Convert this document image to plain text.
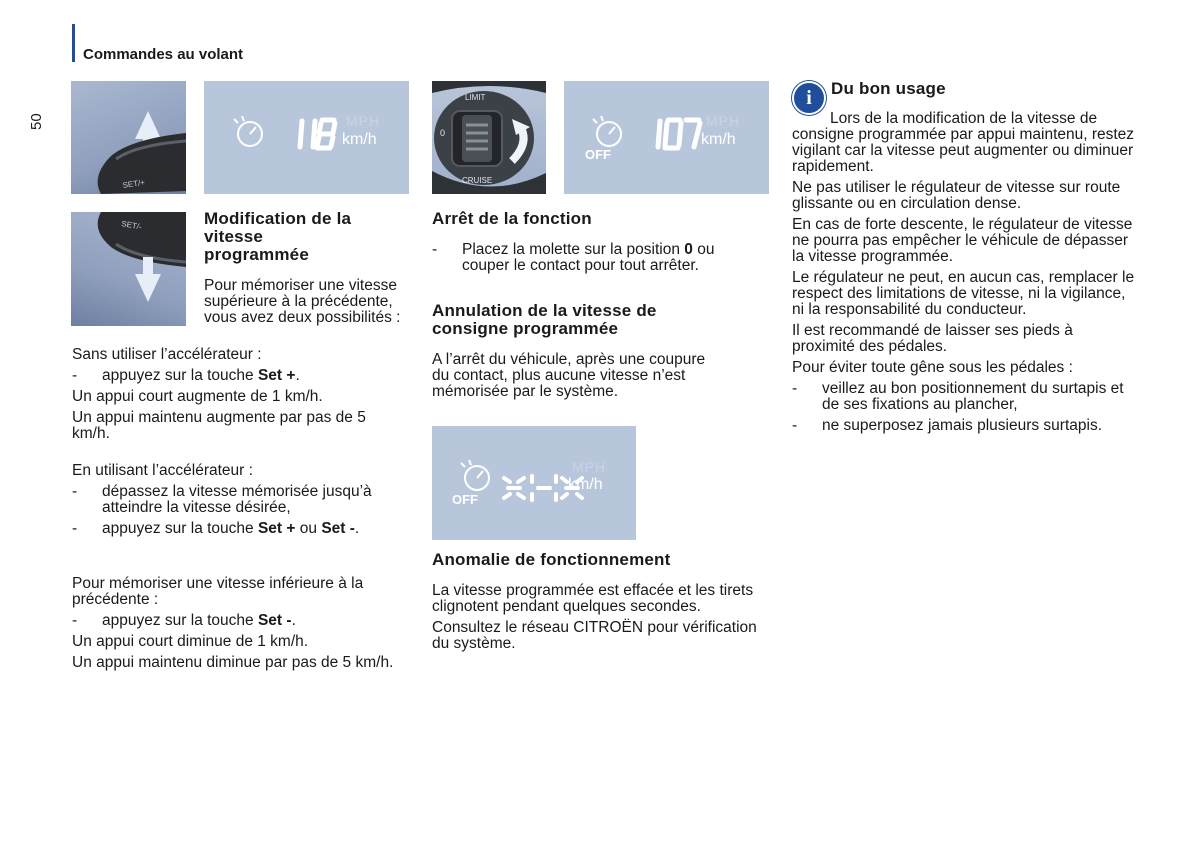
Commandes au volant
50
SET/+
SET/-
MPH
km/h
Modification de la vitesse programmée
Pour mémoriser une vitesse supérieure à la précédente, vous avez deux possibilités :

Sans utiliser l’accélérateur :

- appuyez sur la touche Set +.

Un appui court augmente de 1 km/h.

Un appui maintenu augmente par pas de 5 km/h.

En utilisant l’accélérateur :

- dépassez la vitesse mémorisée jusqu’à atteindre la vitesse désirée,

- appuyez sur la touche Set + ou Set -.

Pour mémoriser une vitesse inférieure à la précédente :

- appuyez sur la touche Set -.

Un appui court diminue de 1 km/h.

Un appui maintenu diminue par pas de 5 km/h.

LIMIT
0
CRUISE
OFF
MPH
km/h
Arrêt de la fonction
- Placez la molette sur la position 0 ou couper le contact pour tout arrêter.
Annulation de la vitesse de consigne programmée
A l’arrêt du véhicule, après une coupure du contact, plus aucune vitesse n’est mémorisée par le système.
OFF
MPH
km/h
Anomalie de fonctionnement

La vitesse programmée est effacée et les tirets clignotent pendant quelques secondes.

Consultez le réseau CITROËN pour vérification du système.

i	Du bon usage

Lors de la modification de la vitesse de consigne programmée par appui maintenu, restez vigilant car la vitesse peut augmenter ou diminuer rapidement.

Ne pas utiliser le régulateur de vitesse sur route glissante ou en circulation dense.

En cas de forte descente, le régulateur de vitesse ne pourra pas empêcher le véhicule de dépasser la vitesse programmée.

Le régulateur ne peut, en aucun cas, remplacer le respect des limitations de vitesse, ni la vigilance, ni la responsabilité du conducteur.

Il est recommandé de laisser ses pieds à proximité des pédales.

Pour éviter toute gêne sous les pédales :

- veillez au bon positionnement du surtapis et de ses fixations au plancher,

- ne superposez jamais plusieurs surtapis.
